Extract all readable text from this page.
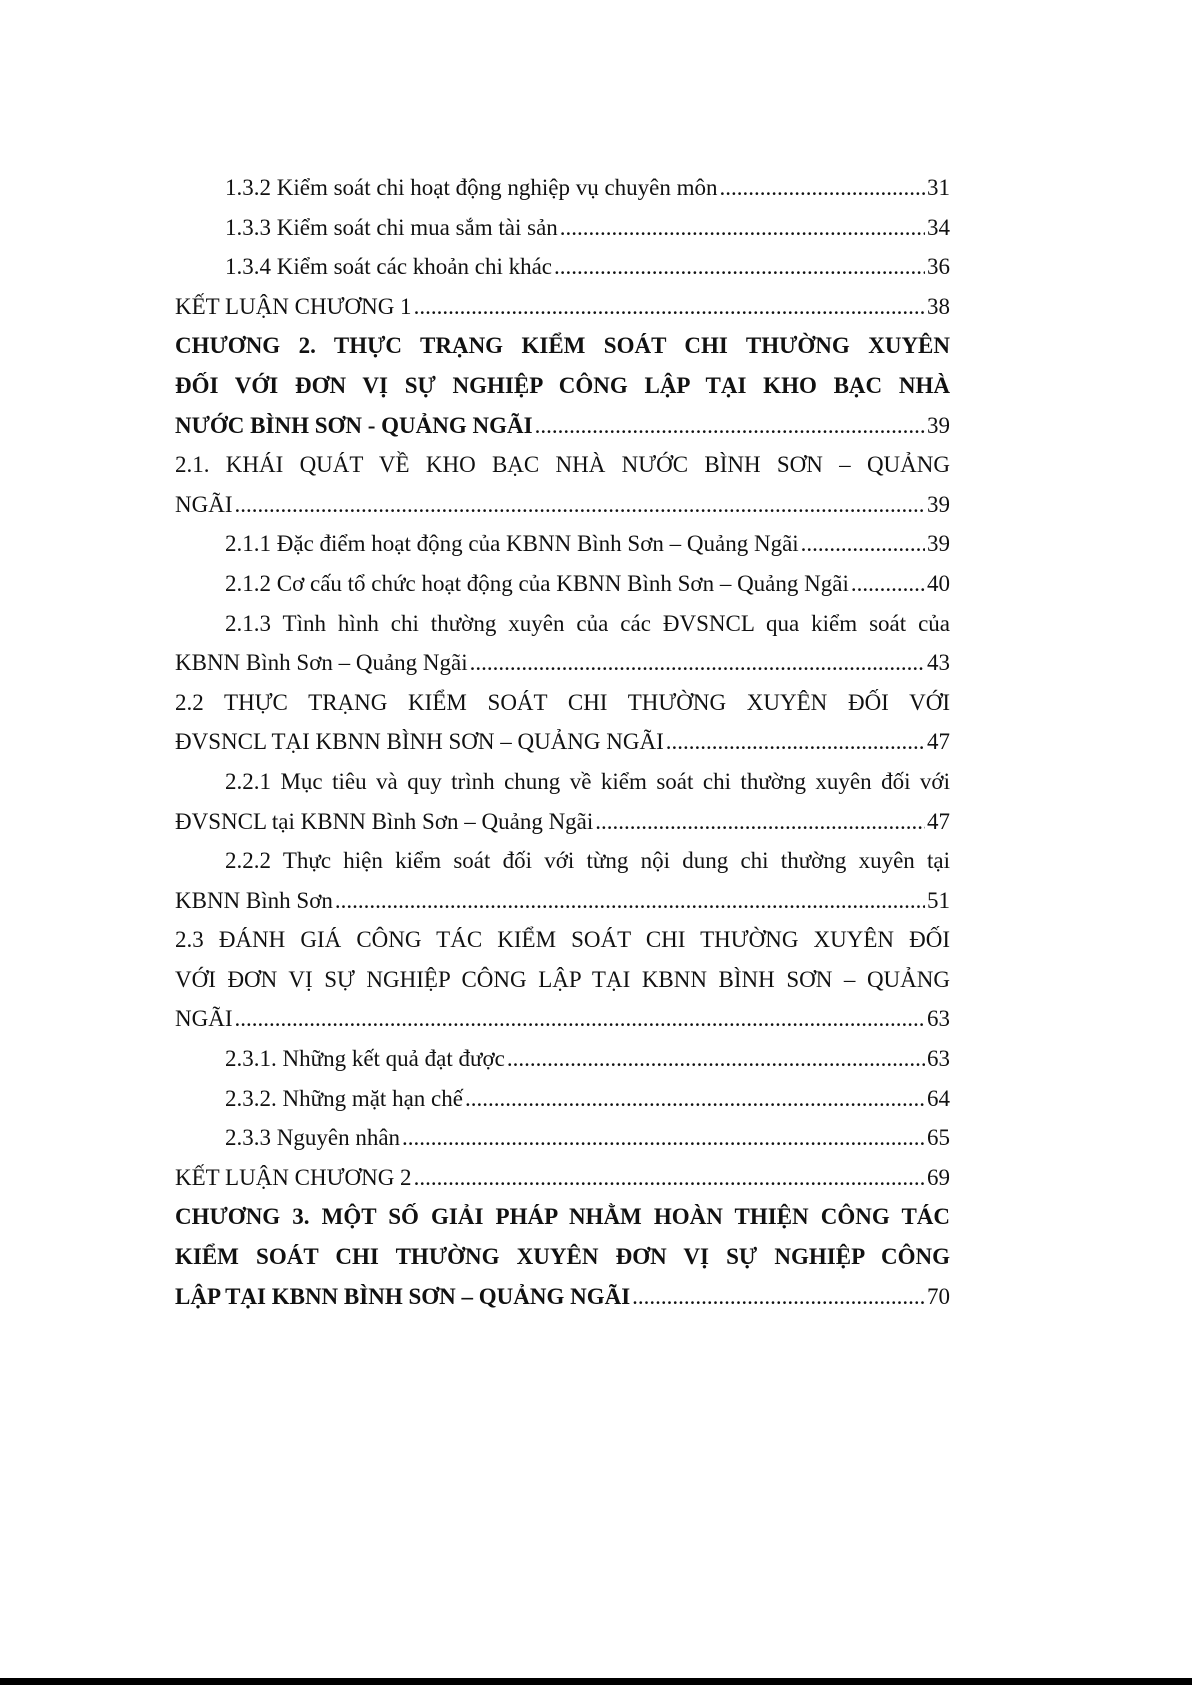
1.3.2 Kiểm soát chi hoạt động nghiệp vụ chuyên môn .....	31
1.3.3 Kiểm soát chi mua sắm tài sản .....	34
1.3.4 Kiểm soát các khoản chi khác .....	36
KẾT LUẬN CHƯƠNG 1 .....	38
CHƯƠNG 2. THỰC TRẠNG KIỂM SOÁT CHI THƯỜNG XUYÊN
ĐỐI VỚI ĐƠN VỊ SỰ NGHIỆP CÔNG LẬP TẠI KHO BẠC NHÀ
NƯỚC BÌNH SƠN - QUẢNG NGÃI .....	39
2.1. KHÁI QUÁT VỀ KHO BẠC NHÀ NƯỚC BÌNH SƠN – QUẢNG
NGÃI .....	39
2.1.1 Đặc điểm hoạt động của KBNN Bình Sơn – Quảng Ngãi .....	39
2.1.2 Cơ cấu tổ chức hoạt động của KBNN Bình Sơn – Quảng Ngãi .....	40
2.1.3 Tình hình chi thường xuyên của các ĐVSNCL qua kiểm soát của
KBNN Bình Sơn – Quảng Ngãi .....	43
2.2 THỰC TRẠNG KIỂM SOÁT CHI THƯỜNG XUYÊN ĐỐI VỚI
ĐVSNCL TẠI KBNN BÌNH SƠN – QUẢNG NGÃI .....	47
2.2.1 Mục tiêu và quy trình chung về kiểm soát chi thường xuyên đối với
ĐVSNCL tại KBNN Bình Sơn – Quảng Ngãi .....	47
2.2.2 Thực hiện kiểm soát đối với từng nội dung chi thường xuyên tại
KBNN Bình Sơn .....	51
2.3 ĐÁNH GIÁ CÔNG TÁC KIỂM SOÁT CHI THƯỜNG XUYÊN ĐỐI
VỚI ĐƠN VỊ SỰ NGHIỆP CÔNG LẬP TẠI KBNN BÌNH SƠN – QUẢNG
NGÃI .....	63
2.3.1. Những kết quả đạt được .....	63
2.3.2. Những mặt hạn chế .....	64
2.3.3 Nguyên nhân .....	65
KẾT LUẬN CHƯƠNG 2 .....	69
CHƯƠNG 3. MỘT SỐ GIẢI PHÁP NHẰM HOÀN THIỆN CÔNG TÁC
KIỂM SOÁT CHI THƯỜNG XUYÊN ĐƠN VỊ SỰ NGHIỆP CÔNG
LẬP TẠI KBNN BÌNH SƠN – QUẢNG NGÃI .....	70
